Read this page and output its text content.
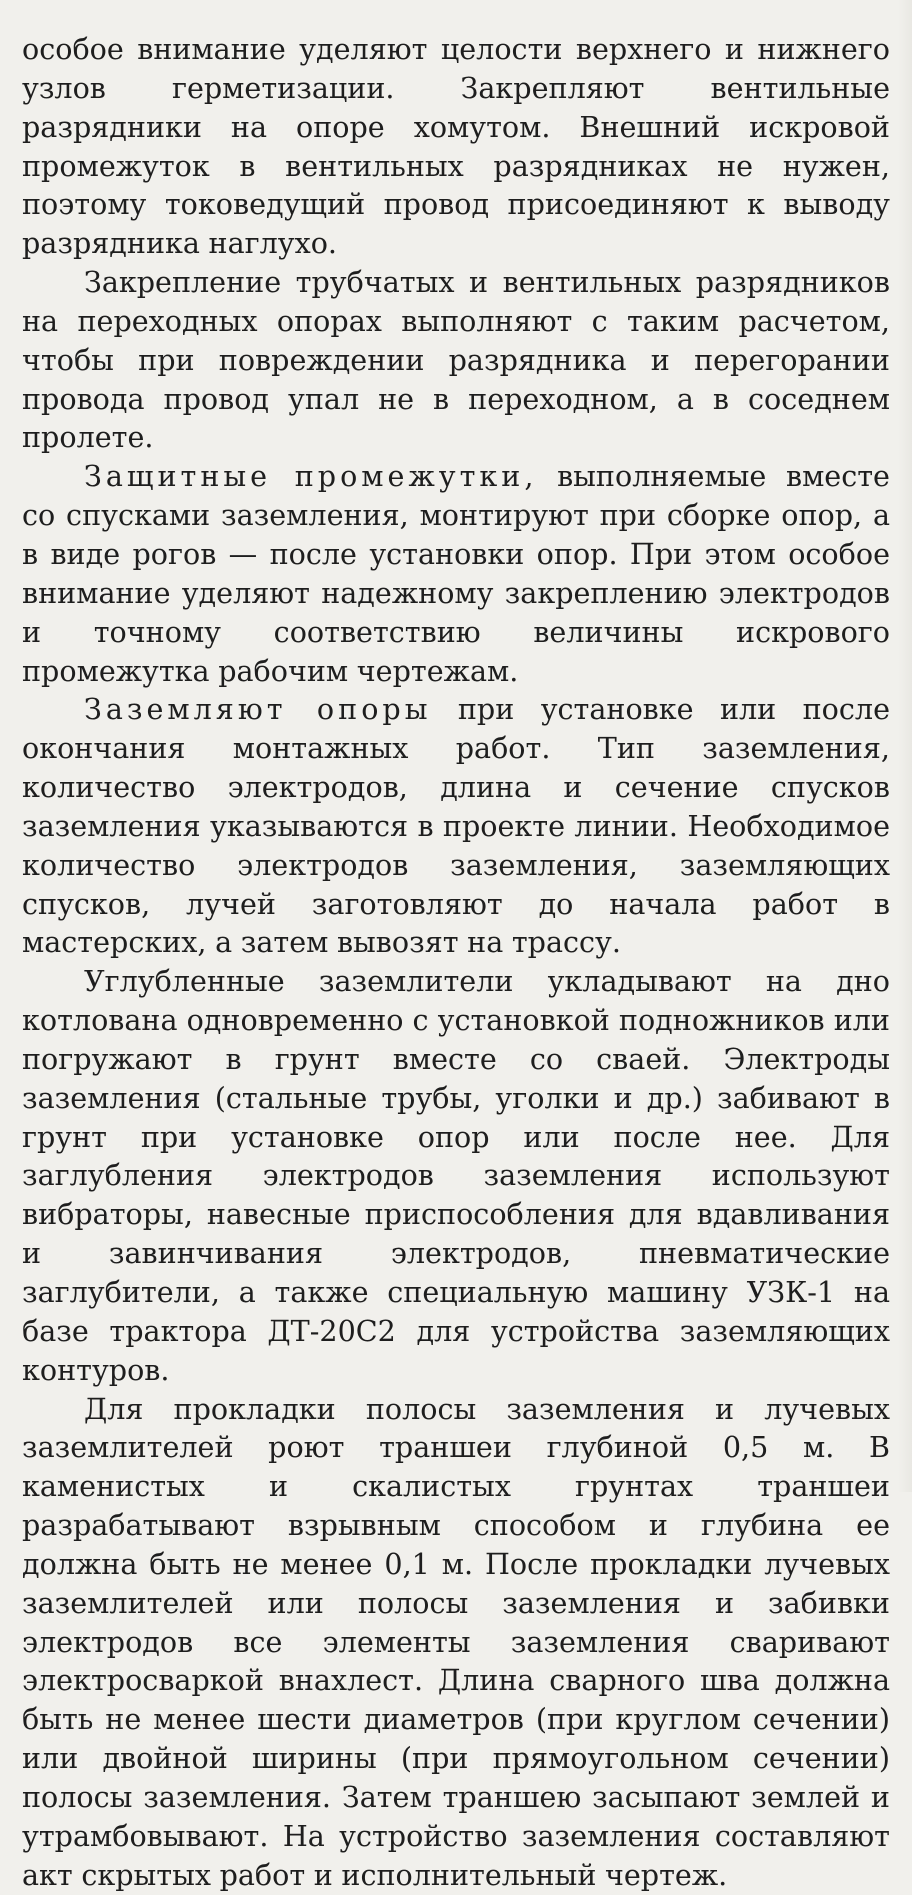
особое внимание уделяют целости верхнего и нижнего узлов герметизации. Закрепляют вентильные разрядники на опоре хомутом. Внешний искровой промежуток в вентильных разрядниках не нужен, поэтому токоведущий провод присоединяют к выводу разрядника наглухо.

Закрепление трубчатых и вентильных разрядников на переходных опорах выполняют с таким расчетом, чтобы при повреждении разрядника и перегорании провода провод упал не в переходном, а в соседнем пролете.

Защитные промежутки, выполняемые вместе со спусками заземления, монтируют при сборке опор, а в виде рогов — после установки опор. При этом особое внимание уделяют надежному закреплению электродов и точному соответствию величины искрового промежутка рабочим чертежам.

Заземляют опоры при установке или после окончания монтажных работ. Тип заземления, количество электродов, длина и сечение спусков заземления указываются в проекте линии. Необходимое количество электродов заземления, заземляющих спусков, лучей заготовляют до начала работ в мастерских, а затем вывозят на трассу.

Углубленные заземлители укладывают на дно котлована одновременно с установкой подножников или погружают в грунт вместе со сваей. Электроды заземления (стальные трубы, уголки и др.) забивают в грунт при установке опор или после нее. Для заглубления электродов заземления используют вибраторы, навесные приспособления для вдавливания и завинчивания электродов, пневматические заглубители, а также специальную машину УЗК-1 на базе трактора ДТ-20С2 для устройства заземляющих контуров.

Для прокладки полосы заземления и лучевых заземлителей роют траншеи глубиной 0,5 м. В каменистых и скалистых грунтах траншеи разрабатывают взрывным способом и глубина ее должна быть не менее 0,1 м. После прокладки лучевых заземлителей или полосы заземления и забивки электродов все элементы заземления сваривают электросваркой внахлест. Длина сварного шва должна быть не менее шести диаметров (при круглом сечении) или двойной ширины (при прямоугольном сечении) полосы заземления. Затем траншею засыпают землей и утрамбовывают. На устройство заземления составляют акт скрытых работ и исполнительный чертеж.
